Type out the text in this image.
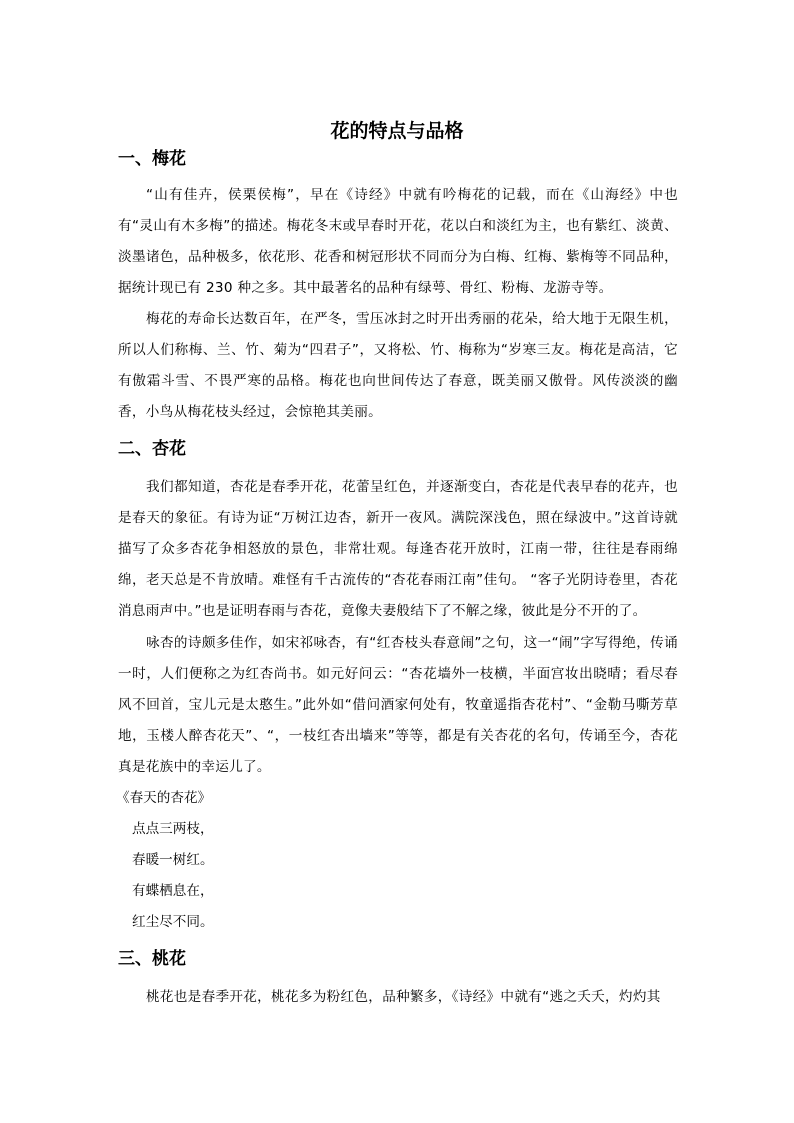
花的特点与品格
一、梅花

“山有佳卉，侯栗侯梅”，早在《诗经》中就有吟梅花的记载，而在《山海经》中也有“灵山有木多梅”的描述。梅花冬末或早春时开花，花以白和淡红为主，也有紫红、淡黄、淡墨诸色，品种极多，依花形、花香和树冠形状不同而分为白梅、红梅、紫梅等不同品种，据统计现已有 230 种之多。其中最著名的品种有绿萼、骨红、粉梅、龙游寺等。

梅花的寿命长达数百年，在严冬，雪压冰封之时开出秀丽的花朵，给大地于无限生机，所以人们称梅、兰、竹、菊为“四君子”，又将松、竹、梅称为“岁寒三友。梅花是高洁，它有傲霜斗雪、不畏严寒的品格。梅花也向世间传达了春意，既美丽又傲骨。风传淡淡的幽香，小鸟从梅花枝头经过，会惊艳其美丽。

二、杏花

我们都知道，杏花是春季开花，花蕾呈红色，并逐渐变白，杏花是代表早春的花卉，也是春天的象征。有诗为证“万树江边杏，新开一夜风。满院深浅色，照在绿波中。”这首诗就描写了众多杏花争相怒放的景色，非常壮观。每逢杏花开放时，江南一带，往往是春雨绵绵，老天总是不肯放晴。难怪有千古流传的“杏花春雨江南”佳句。 “客子光阴诗卷里，杏花消息雨声中。”也是证明春雨与杏花，竟像夫妻般结下了不解之缘，彼此是分不开的了。

咏杏的诗颇多佳作，如宋祁咏杏，有“红杏枝头春意闹”之句，这一“闹”字写得绝，传诵一时，人们便称之为红杏尚书。如元好问云：“杏花墙外一枝横，半面宫妆出晓晴；看尽春风不回首，宝儿元是太憨生。”此外如“借问酒家何处有，牧童遥指杏花村”、“金勒马嘶芳草地，玉楼人醉杏花天”、“，一枝红杏出墙来”等等，都是有关杏花的名句，传诵至今，杏花真是花族中的幸运儿了。

《春天的杏花》

点点三两枝，

春暖一树红。

有蝶栖息在，

红尘尽不同。

三、桃花

桃花也是春季开花，桃花多为粉红色，品种繁多，《诗经》中就有“逃之夭夭，灼灼其
